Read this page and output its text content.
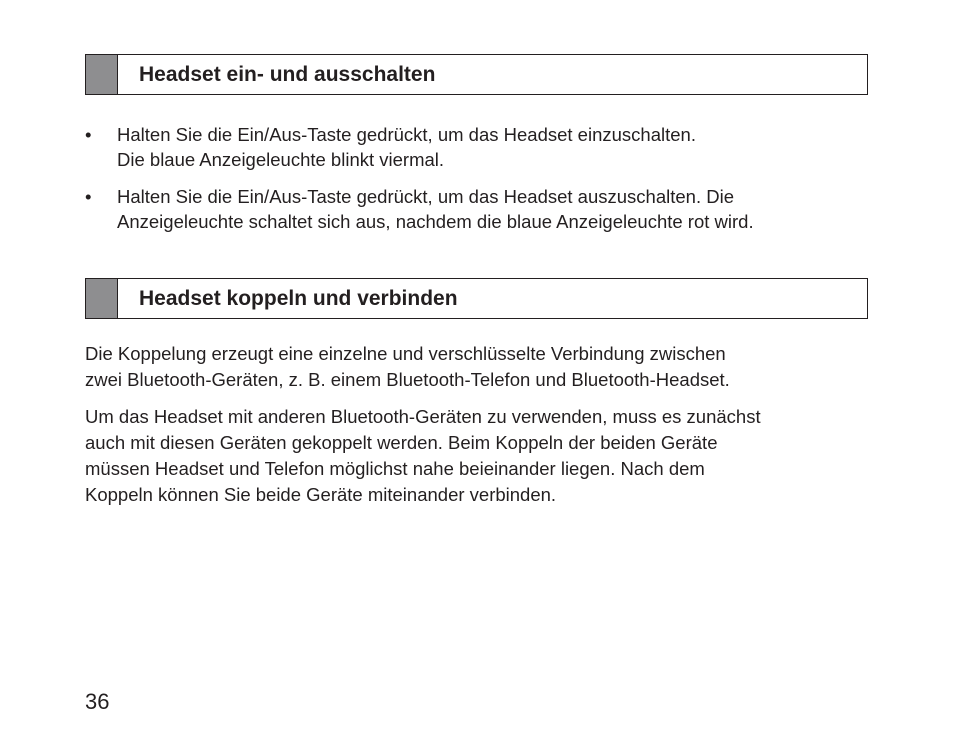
Headset ein- und ausschalten
• Halten Sie die Ein/Aus-Taste gedrückt, um das Headset einzuschalten.
Die blaue Anzeigeleuchte blinkt viermal.
• Halten Sie die Ein/Aus-Taste gedrückt, um das Headset auszuschalten. Die
Anzeigeleuchte schaltet sich aus, nachdem die blaue Anzeigeleuchte rot wird.
Headset koppeln und verbinden

Die Koppelung erzeugt eine einzelne und verschlüsselte Verbindung zwischen
zwei Bluetooth-Geräten, z. B. einem Bluetooth-Telefon und Bluetooth-Headset.

Um das Headset mit anderen Bluetooth-Geräten zu verwenden, muss es zunächst
auch mit diesen Geräten gekoppelt werden. Beim Koppeln der beiden Geräte
müssen Headset und Telefon möglichst nahe beieinander liegen. Nach dem
Koppeln können Sie beide Geräte miteinander verbinden.

36
